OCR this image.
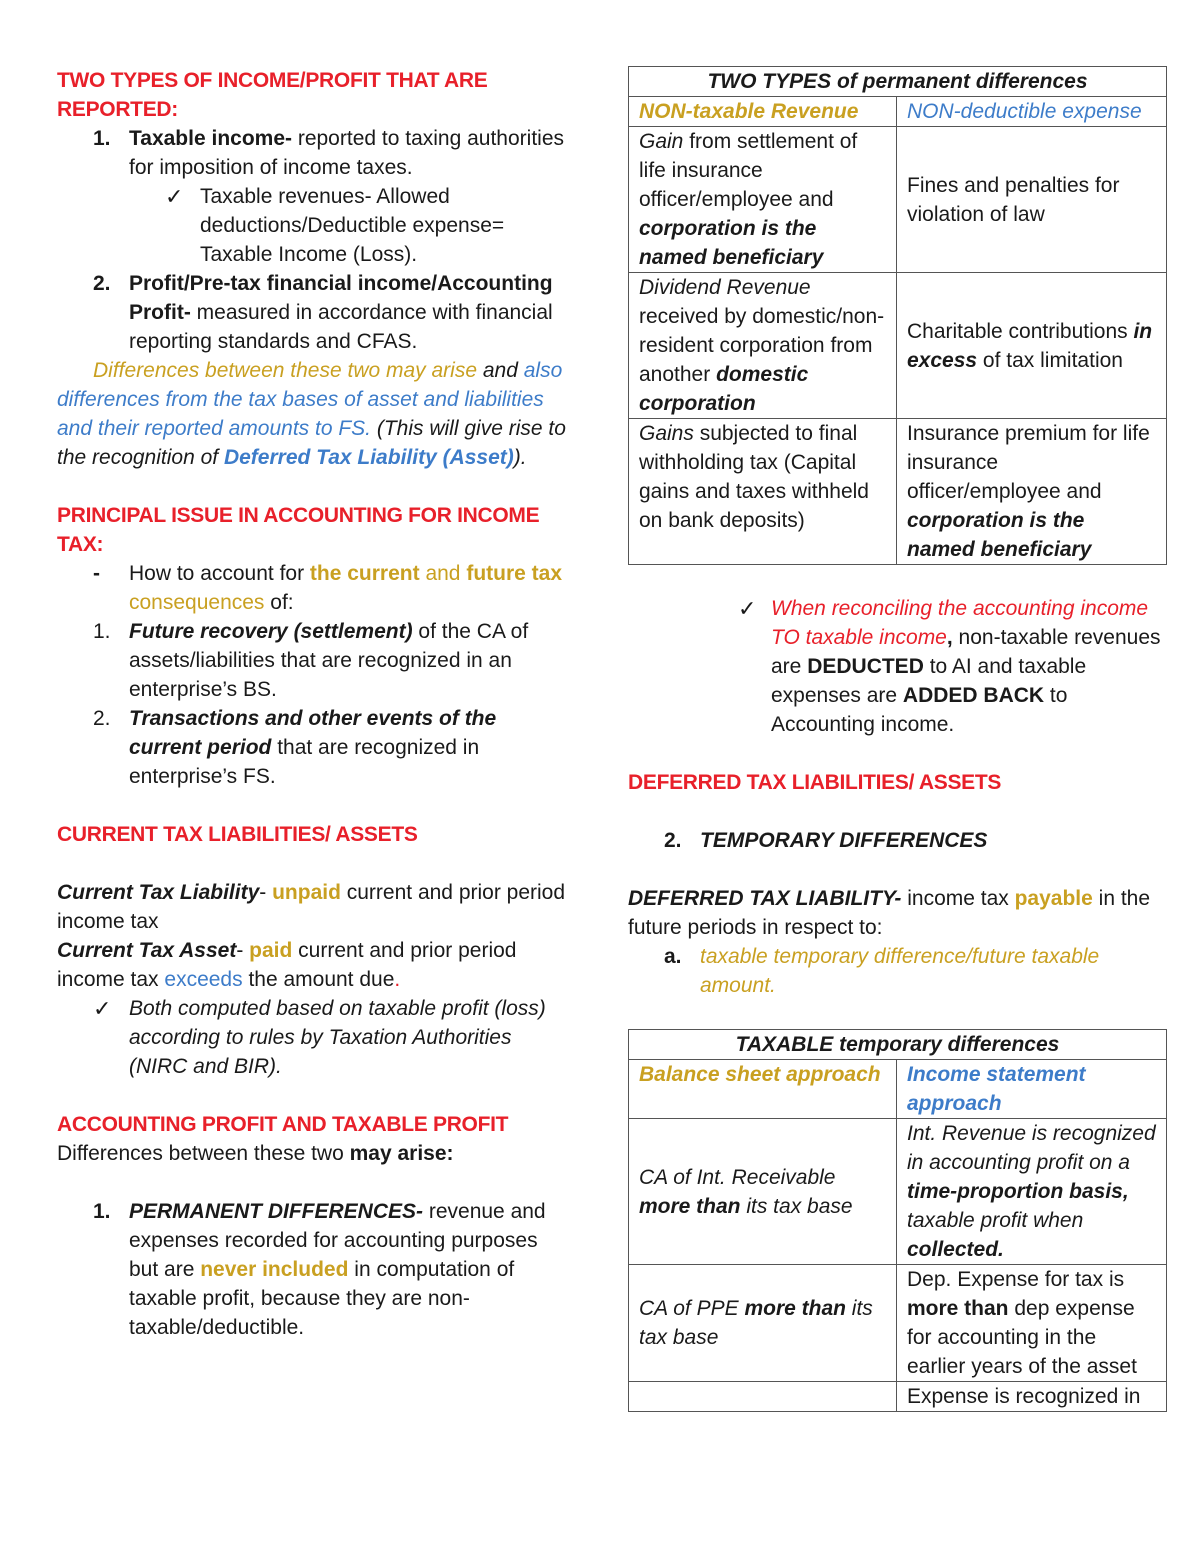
TWO TYPES OF INCOME/PROFIT THAT ARE
REPORTED:

1. Taxable income- reported to taxing authorities for imposition of income taxes.

✓ Taxable revenues- Allowed deductions/Deductible expense= Taxable Income (Loss).

2. Profit/Pre-tax financial income/Accounting Profit- measured in accordance with financial reporting standards and CFAS.

Differences between these two may arise and also differences from the tax bases of asset and liabilities and their reported amounts to FS. (This will give rise to the recognition of Deferred Tax Liability (Asset)).

PRINCIPAL ISSUE IN ACCOUNTING FOR INCOME
TAX:

-	How to account for the current and future tax consequences of:

1. Future recovery (settlement) of the CA of assets/liabilities that are recognized in an enterprise’s BS.

2. Transactions and other events of the current period that are recognized in enterprise’s FS.

CURRENT TAX LIABILITIES/ ASSETS

Current Tax Liability- unpaid current and prior period income tax

Current Tax Asset- paid current and prior period income tax exceeds the amount due.

✓ Both computed based on taxable profit (loss) according to rules by Taxation Authorities (NIRC and BIR).

ACCOUNTING PROFIT AND TAXABLE PROFIT

Differences between these two may arise:

1. PERMANENT DIFFERENCES- revenue and expenses recorded for accounting purposes but are never included in computation of taxable profit, because they are non-taxable/deductible.

TWO TYPES of permanent differences	
NON-taxable Revenue	NON-deductible expense
Gain from settlement of life insurance officer/employee and corporation is the named beneficiary	Fines and penalties for violation of law
Dividend Revenue received by domestic/non-resident corporation from another domestic corporation	Charitable contributions in excess of tax limitation
Gains subjected to final withholding tax (Capital gains and taxes withheld on bank deposits)	Insurance premium for life insurance officer/employee and corporation is the named beneficiary
✓ When reconciling the accounting income TO taxable income, non-taxable revenues are DEDUCTED to AI and taxable expenses are ADDED BACK to Accounting income.

DEFERRED TAX LIABILITIES/ ASSETS

2. TEMPORARY DIFFERENCES

DEFERRED TAX LIABILITY- income tax payable in the future periods in respect to:

a. taxable temporary difference/future taxable amount.

TAXABLE temporary differences	
Balance sheet approach	Income statement approach
CA of Int. Receivable
more than its tax base	Int. Revenue is recognized in accounting profit on a time-proportion basis, taxable profit when collected.
CA of PPE more than its tax base	Dep. Expense for tax is more than dep expense for accounting in the earlier years of the asset
	Expense is recognized in
